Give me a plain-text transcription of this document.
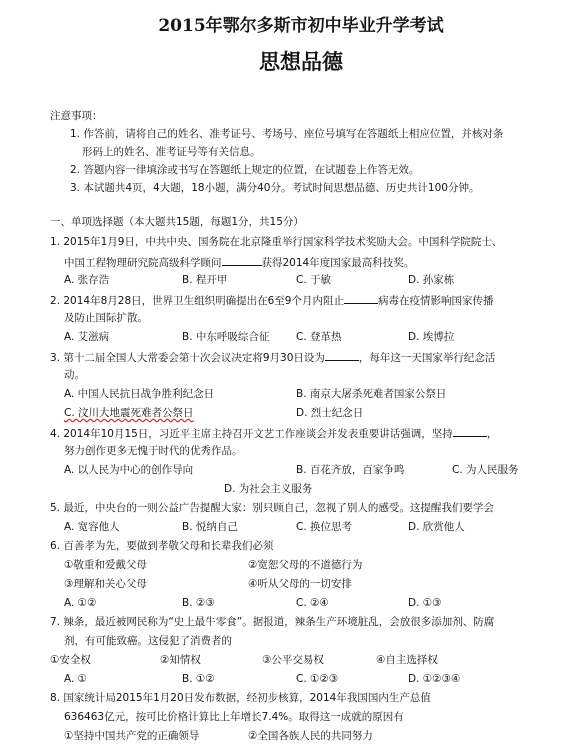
2015年鄂尔多斯市初中毕业升学考试
思想品德
注意事项：
1. 作答前，请将自己的姓名、准考证号、考场号、座位号填写在答题纸上相应位置，并核对条
形码上的姓名、准考证号等有关信息。
2. 答题内容一律填涂或书写在答题纸上规定的位置，在试题卷上作答无效。
3. 本试题共4页，4大题，18小题，满分40分。考试时间思想品德、历史共计100分钟。
一、单项选择题（本大题共15题，每题1分，共15分）
1. 2015年1月9日，中共中央、国务院在北京隆重举行国家科学技术奖励大会。中国科学院院士、
中国工程物理研究院高级科学顾问	获得2014年度国家最高科技奖。
A. 张存浩	B. 程开甲	C. 于敏	D. 孙家栋
2. 2014年8月28日，世界卫生组织明确提出在6至9个月内阻止	病毒在疫情影响国家传播
及防止国际扩散。
A. 艾滋病	B. 中东呼吸综合征	C. 登革热	D. 埃博拉
3. 第十二届全国人大常委会第十次会议决定将9月30日设为	，每年这一天国家举行纪念活
动。
A. 中国人民抗日战争胜利纪念日	B. 南京大屠杀死难者国家公祭日
C. 汶川大地震死难者公祭日	D. 烈士纪念日
4. 2014年10月15日，习近平主席主持召开文艺工作座谈会并发表重要讲话强调，坚持	，
努力创作更多无愧于时代的优秀作品。
A. 以人民为中心的创作导向	B. 百花齐放，百家争鸣	C. 为人民服务
D. 为社会主义服务
5. 最近，中央台的一则公益广告提醒大家：别只顾自己，忽视了别人的感受。这提醒我们要学会
A. 宽容他人	B. 悦纳自己	C. 换位思考	D. 欣赏他人
6. 百善孝为先，要做到孝敬父母和长辈我们必须
①敬重和爱戴父母	②宽恕父母的不道德行为
③理解和关心父母	④听从父母的一切安排
A. ①②	B. ②③	C. ②④	D. ①③
7. 辣条，最近被网民称为“史上最牛零食”。据报道，辣条生产环境脏乱，会放很多添加剂、防腐
剂，有可能致癌。这侵犯了消费者的
①安全权	②知情权	③公平交易权	④自主选择权
A. ①	B. ①②	C. ①②③	D. ①②③④
8. 国家统计局2015年1月20日发布数据，经初步核算，2014年我国国内生产总值
636463亿元，按可比价格计算比上年增长7.4%。取得这一成就的原因有
①坚持中国共产党的正确领导	②全国各族人民的共同努力
